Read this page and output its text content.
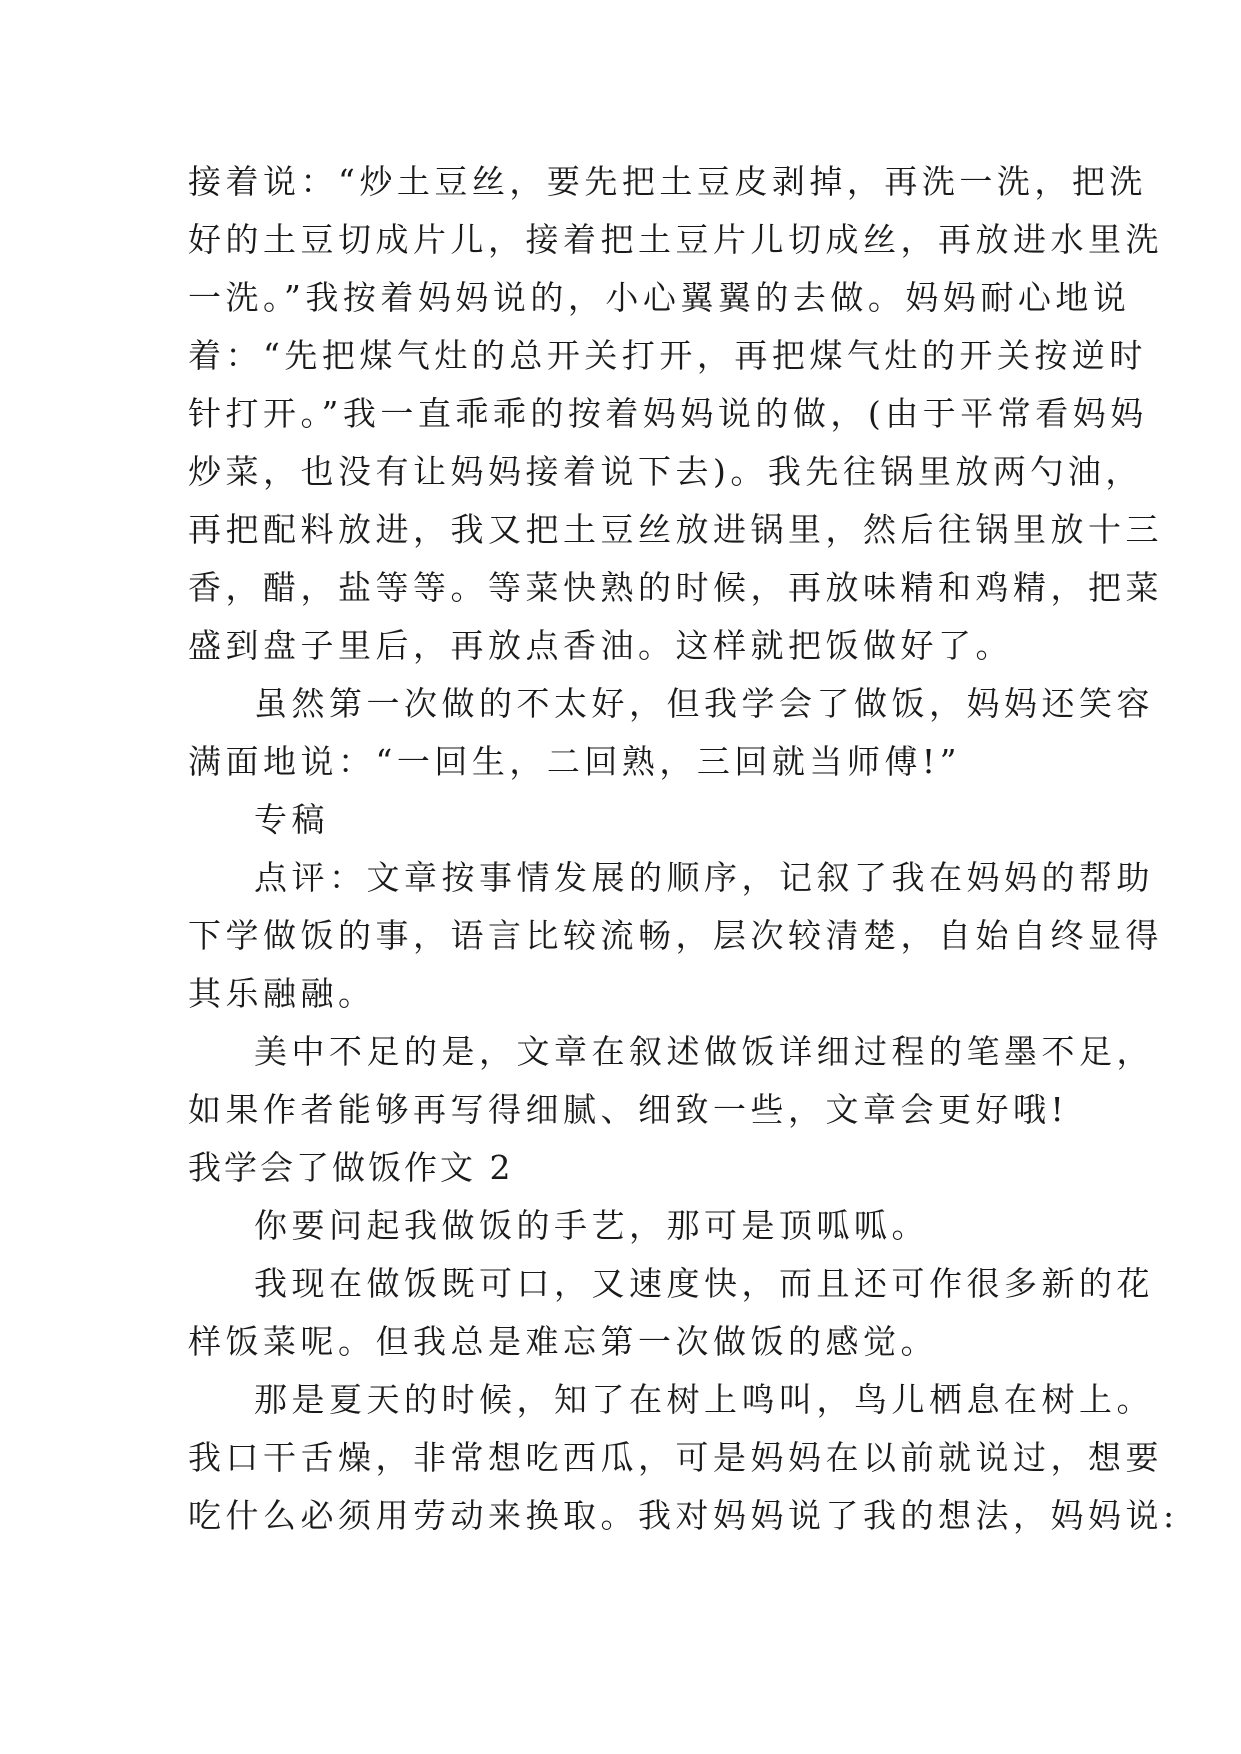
接着说：“炒土豆丝，要先把土豆皮剥掉，再洗一洗，把洗
好的土豆切成片儿，接着把土豆片儿切成丝，再放进水里洗
一洗。”我按着妈妈说的，小心翼翼的去做。妈妈耐心地说
着：“先把煤气灶的总开关打开，再把煤气灶的开关按逆时
针打开。”我一直乖乖的按着妈妈说的做，(由于平常看妈妈
炒菜，也没有让妈妈接着说下去)。我先往锅里放两勺油，
再把配料放进，我又把土豆丝放进锅里，然后往锅里放十三
香，醋，盐等等。等菜快熟的时候，再放味精和鸡精，把菜
盛到盘子里后，再放点香油。这样就把饭做好了。
虽然第一次做的不太好，但我学会了做饭，妈妈还笑容
满面地说：“一回生，二回熟，三回就当师傅!”
专稿
点评：文章按事情发展的顺序，记叙了我在妈妈的帮助
下学做饭的事，语言比较流畅，层次较清楚，自始自终显得
其乐融融。
美中不足的是，文章在叙述做饭详细过程的笔墨不足，
如果作者能够再写得细腻、细致一些，文章会更好哦!
我学会了做饭作文 2
你要问起我做饭的手艺，那可是顶呱呱。
我现在做饭既可口，又速度快，而且还可作很多新的花
样饭菜呢。但我总是难忘第一次做饭的感觉。
那是夏天的时候，知了在树上鸣叫，鸟儿栖息在树上。
我口干舌燥，非常想吃西瓜，可是妈妈在以前就说过，想要
吃什么必须用劳动来换取。我对妈妈说了我的想法，妈妈说:
